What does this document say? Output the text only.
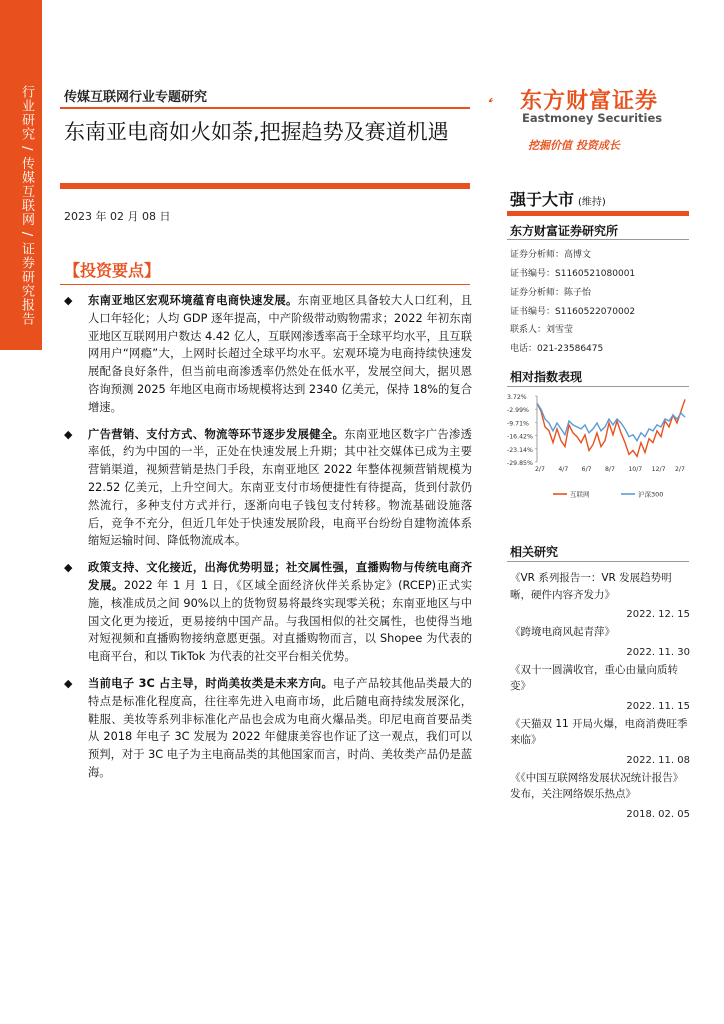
行业研究 / 传媒互联网 / 证券研究报告 传媒互联网行业专题研究
东南亚电商如火如荼,把握趋势及赛道机遇
2023 年 02 月 08 日
【投资要点】
◆ 东南亚地区宏观环境蕴育电商快速发展。东南亚地区具备较大人口红利，且人口年轻化；人均 GDP 逐年提高，中产阶级带动购物需求；2022 年初东南亚地区互联网用户数达 4.42 亿人，互联网渗透率高于全球平均水平，且互联网用户“网瘾”大，上网时长超过全球平均水平。宏观环境为电商持续快速发展配备良好条件，但当前电商渗透率仍然处在低水平，发展空间大，据贝恩咨询预测 2025 年地区电商市场规模将达到 2340 亿美元，保持 18%的复合增速。
◆ 广告营销、支付方式、物流等环节逐步发展健全。东南亚地区数字广告渗透率低，约为中国的一半，正处在快速发展上升期；其中社交媒体已成为主要营销渠道，视频营销是热门手段，东南亚地区 2022 年整体视频营销规模为 22.52 亿美元，上升空间大。东南亚支付市场便捷性有待提高，货到付款仍然流行，多种支付方式并行，逐渐向电子钱包支付转移。物流基础设施落后，竞争不充分，但近几年处于快速发展阶段，电商平台纷纷自建物流体系缩短运输时间、降低物流成本。
◆ 政策支持、文化接近，出海优势明显；社交属性强，直播购物与传统电商齐发展。2022 年 1 月 1 日，《区域全面经济伙伴关系协定》(RCEP)正式实施，核准成员之间 90%以上的货物贸易将最终实现零关税；东南亚地区与中国文化更为接近，更易接纳中国产品。与我国相似的社交属性，也使得当地对短视频和直播购物接纳意愿更强。对直播购物而言，以 Shopee 为代表的电商平台，和以 TikTok 为代表的社交平台相关优势。
◆ 当前电子 3C 占主导，时尚美妆类是未来方向。电子产品较其他品类最大的特点是标准化程度高，往往率先进入电商市场，此后随电商持续发展深化，鞋服、美妆等系列非标准化产品也会成为电商火爆品类。印尼电商首要品类从 2018 年电子 3C 发展为 2022 年健康美容也作证了这一观点，我们可以预判，对于 3C 电子为主电商品类的其他国家而言，时尚、美妆类产品仍是蓝海。
东方财富证券
Eastmoney Securities
挖掘价值 投资成长
强于大市 (维持)
东方财富证券研究所
证券分析师：高博文
证书编号：S1160521080001
证券分析师：陈子怡
证书编号：S1160522070002
联系人：刘雪莹
电话：021-23586475
相对指数表现
3.72%
-2.99%
-9.71%
-16.42%
-23.14%
-29.85%
2/7 4/7 6/7 8/7 10/7 12/7 2/7
互联网	沪深300
相关研究
《VR 系列报告一：VR 发展趋势明晰，硬件内容齐发力》
2022. 12. 15
《跨境电商风起青萍》
2022. 11. 30
《双十一圆满收官，重心由量向质转变》
2022. 11. 15
《天猫双 11 开局火爆，电商消费旺季来临》
2022. 11. 08
《《中国互联网络发展状况统计报告》发布，关注网络娱乐热点》
2018. 02. 05
